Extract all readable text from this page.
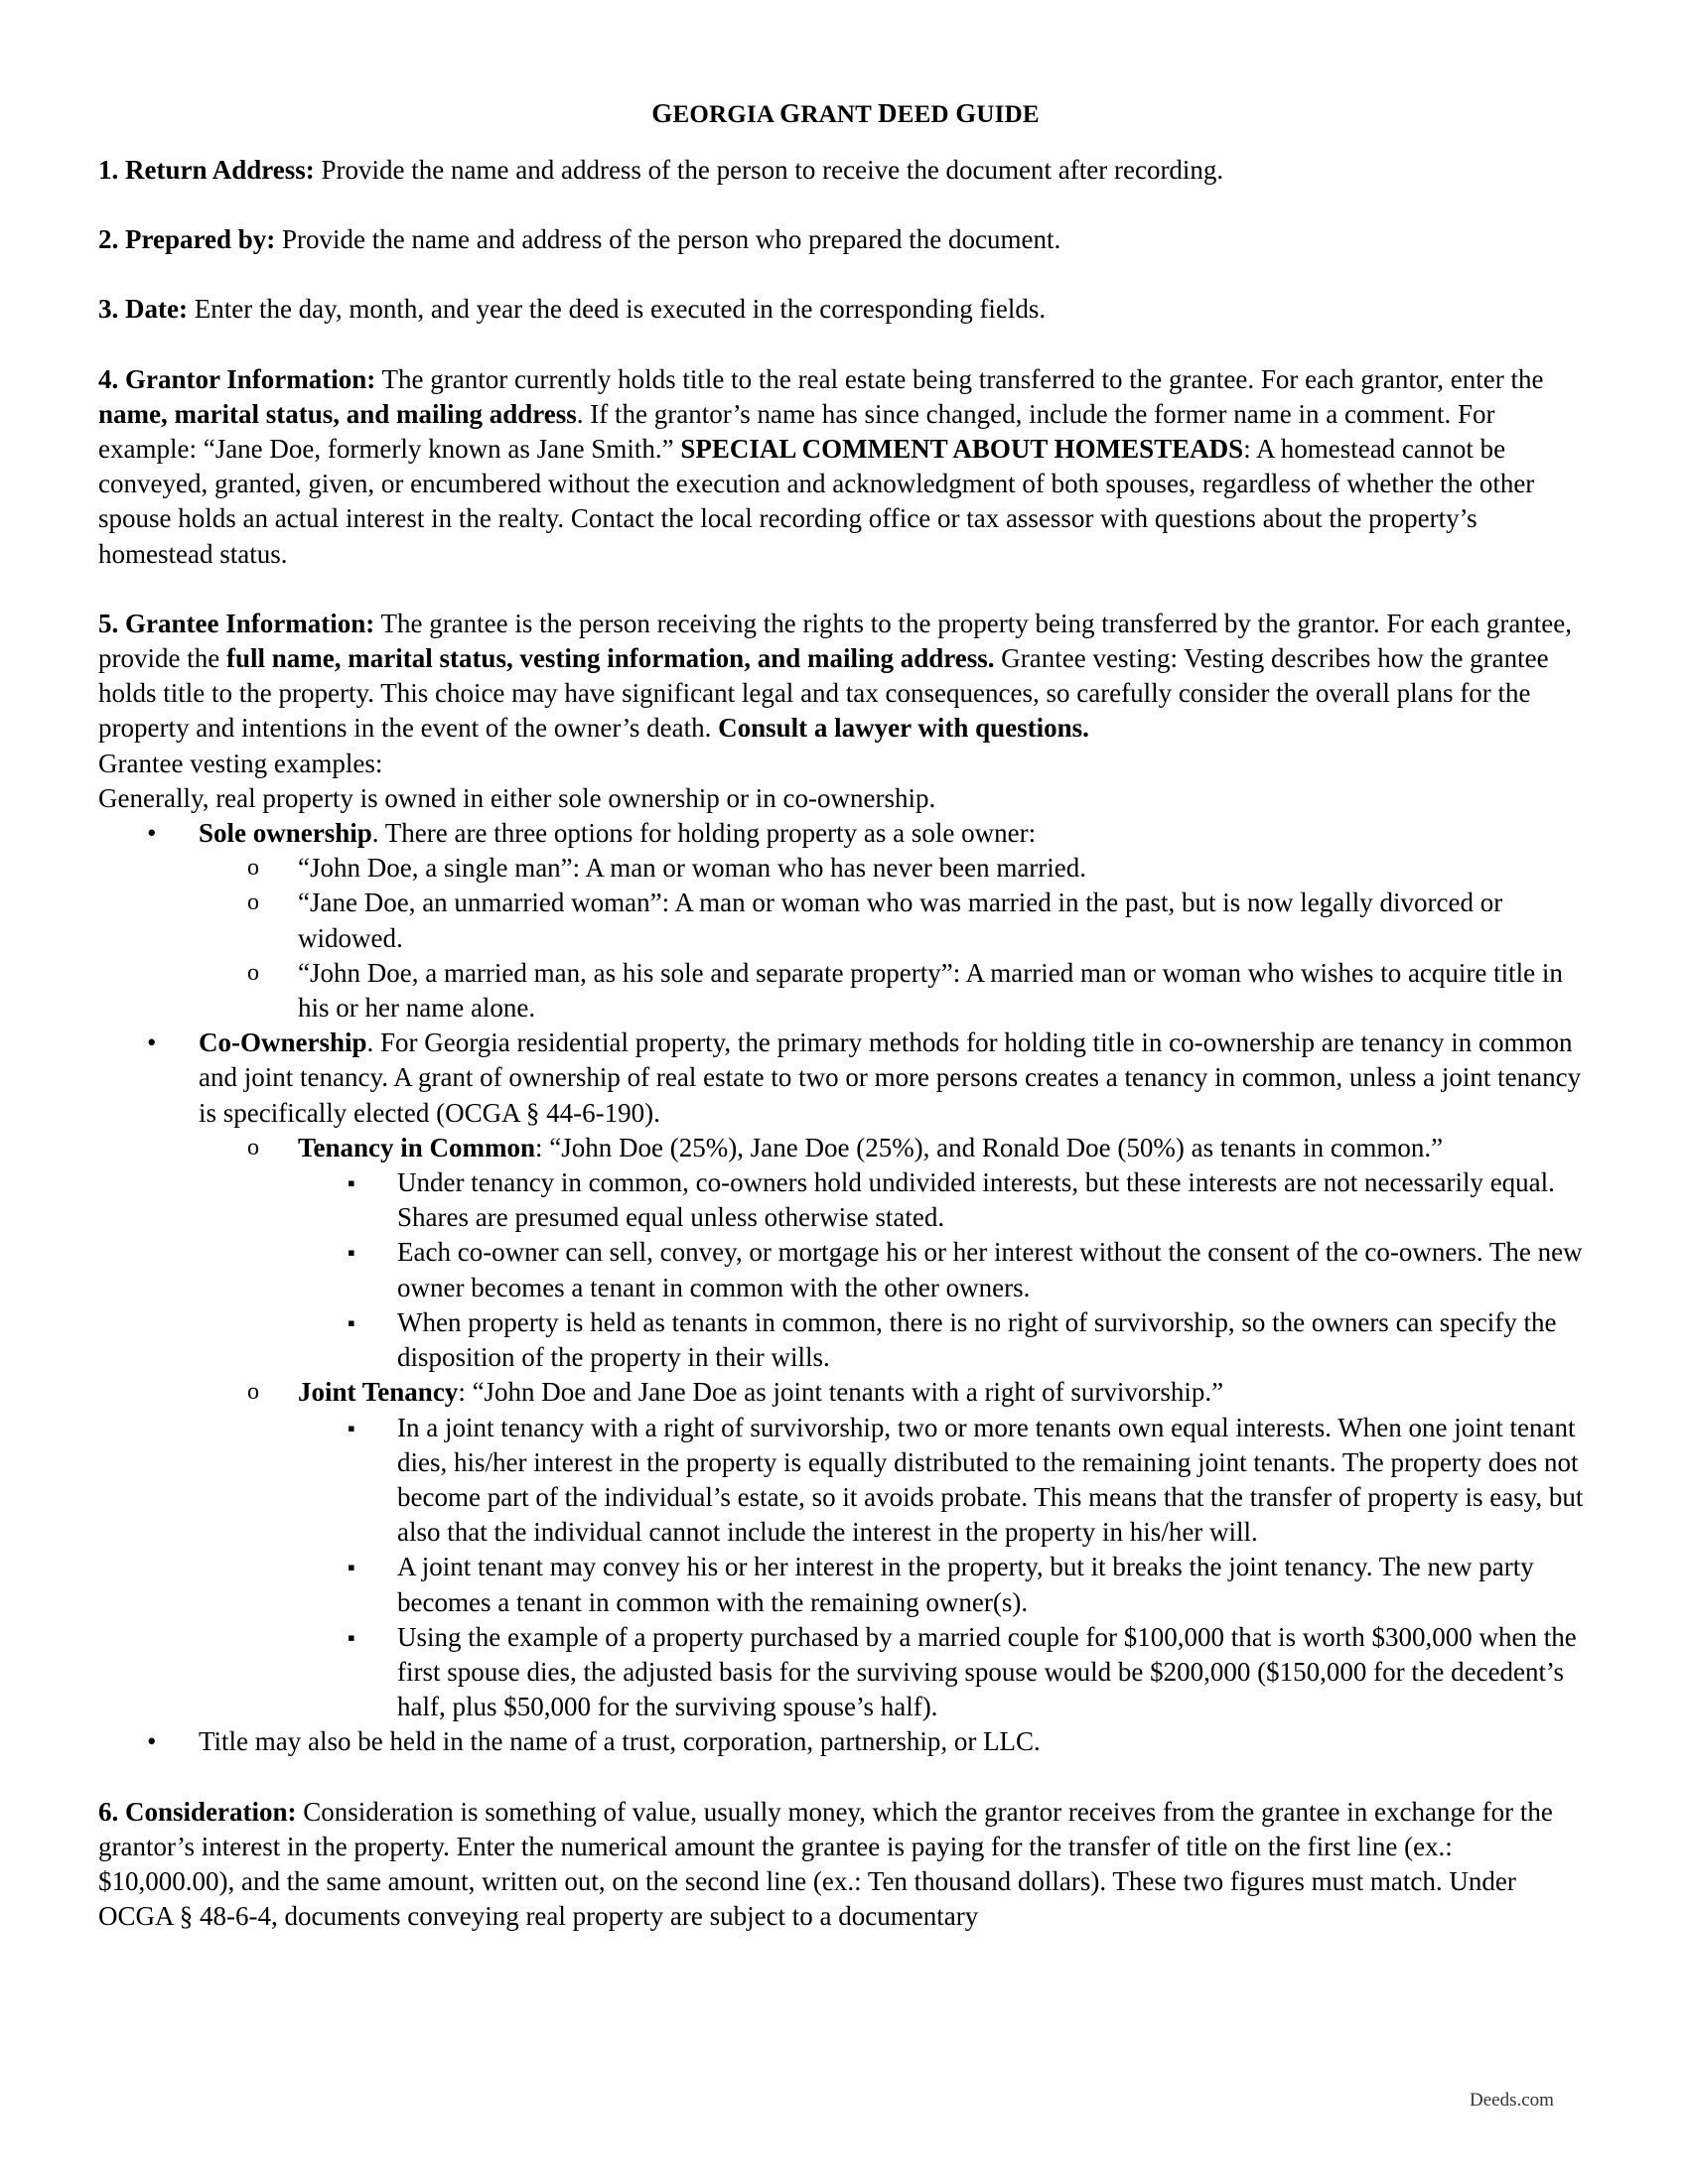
GEORGIA GRANT DEED GUIDE

1. Return Address: Provide the name and address of the person to receive the document after recording.

2. Prepared by: Provide the name and address of the person who prepared the document.

3. Date: Enter the day, month, and year the deed is executed in the corresponding fields.

4. Grantor Information: The grantor currently holds title to the real estate being transferred to the grantee. For each grantor, enter the name, marital status, and mailing address. If the grantor’s name has since changed, include the former name in a comment. For example: “Jane Doe, formerly known as Jane Smith.” SPECIAL COMMENT ABOUT HOMESTEADS: A homestead cannot be conveyed, granted, given, or encumbered without the execution and acknowledgment of both spouses, regardless of whether the other spouse holds an actual interest in the realty. Contact the local recording office or tax assessor with questions about the property’s homestead status.

5. Grantee Information: The grantee is the person receiving the rights to the property being transferred by the grantor. For each grantee, provide the full name, marital status, vesting information, and mailing address. Grantee vesting: Vesting describes how the grantee holds title to the property. This choice may have significant legal and tax consequences, so carefully consider the overall plans for the property and intentions in the event of the owner’s death. Consult a lawyer with questions.

Grantee vesting examples:

Generally, real property is owned in either sole ownership or in co-ownership.

• Sole ownership. There are three options for holding property as a sole owner:
o “John Doe, a single man”: A man or woman who has never been married.
o “Jane Doe, an unmarried woman”: A man or woman who was married in the past, but is now legally divorced or widowed.
o “John Doe, a married man, as his sole and separate property”: A married man or woman who wishes to acquire title in his or her name alone.
• Co-Ownership. For Georgia residential property, the primary methods for holding title in co-ownership are tenancy in common and joint tenancy. A grant of ownership of real estate to two or more persons creates a tenancy in common, unless a joint tenancy is specifically elected (OCGA § 44-6-190).
o Tenancy in Common: “John Doe (25%), Jane Doe (25%), and Ronald Doe (50%) as tenants in common.”
▪ Under tenancy in common, co-owners hold undivided interests, but these interests are not necessarily equal. Shares are presumed equal unless otherwise stated.
▪ Each co-owner can sell, convey, or mortgage his or her interest without the consent of the co-owners. The new owner becomes a tenant in common with the other owners.
▪ When property is held as tenants in common, there is no right of survivorship, so the owners can specify the disposition of the property in their wills.
o Joint Tenancy: “John Doe and Jane Doe as joint tenants with a right of survivorship.”
▪ In a joint tenancy with a right of survivorship, two or more tenants own equal interests. When one joint tenant dies, his/her interest in the property is equally distributed to the remaining joint tenants. The property does not become part of the individual’s estate, so it avoids probate. This means that the transfer of property is easy, but also that the individual cannot include the interest in the property in his/her will.
▪ A joint tenant may convey his or her interest in the property, but it breaks the joint tenancy. The new party becomes a tenant in common with the remaining owner(s).
▪ Using the example of a property purchased by a married couple for $100,000 that is worth $300,000 when the first spouse dies, the adjusted basis for the surviving spouse would be $200,000 ($150,000 for the decedent’s half, plus $50,000 for the surviving spouse’s half).
• Title may also be held in the name of a trust, corporation, partnership, or LLC.

6. Consideration: Consideration is something of value, usually money, which the grantor receives from the grantee in exchange for the grantor’s interest in the property. Enter the numerical amount the grantee is paying for the transfer of title on the first line (ex.: $10,000.00), and the same amount, written out, on the second line (ex.: Ten thousand dollars). These two figures must match. Under OCGA § 48-6-4, documents conveying real property are subject to a documentary

Deeds.com
